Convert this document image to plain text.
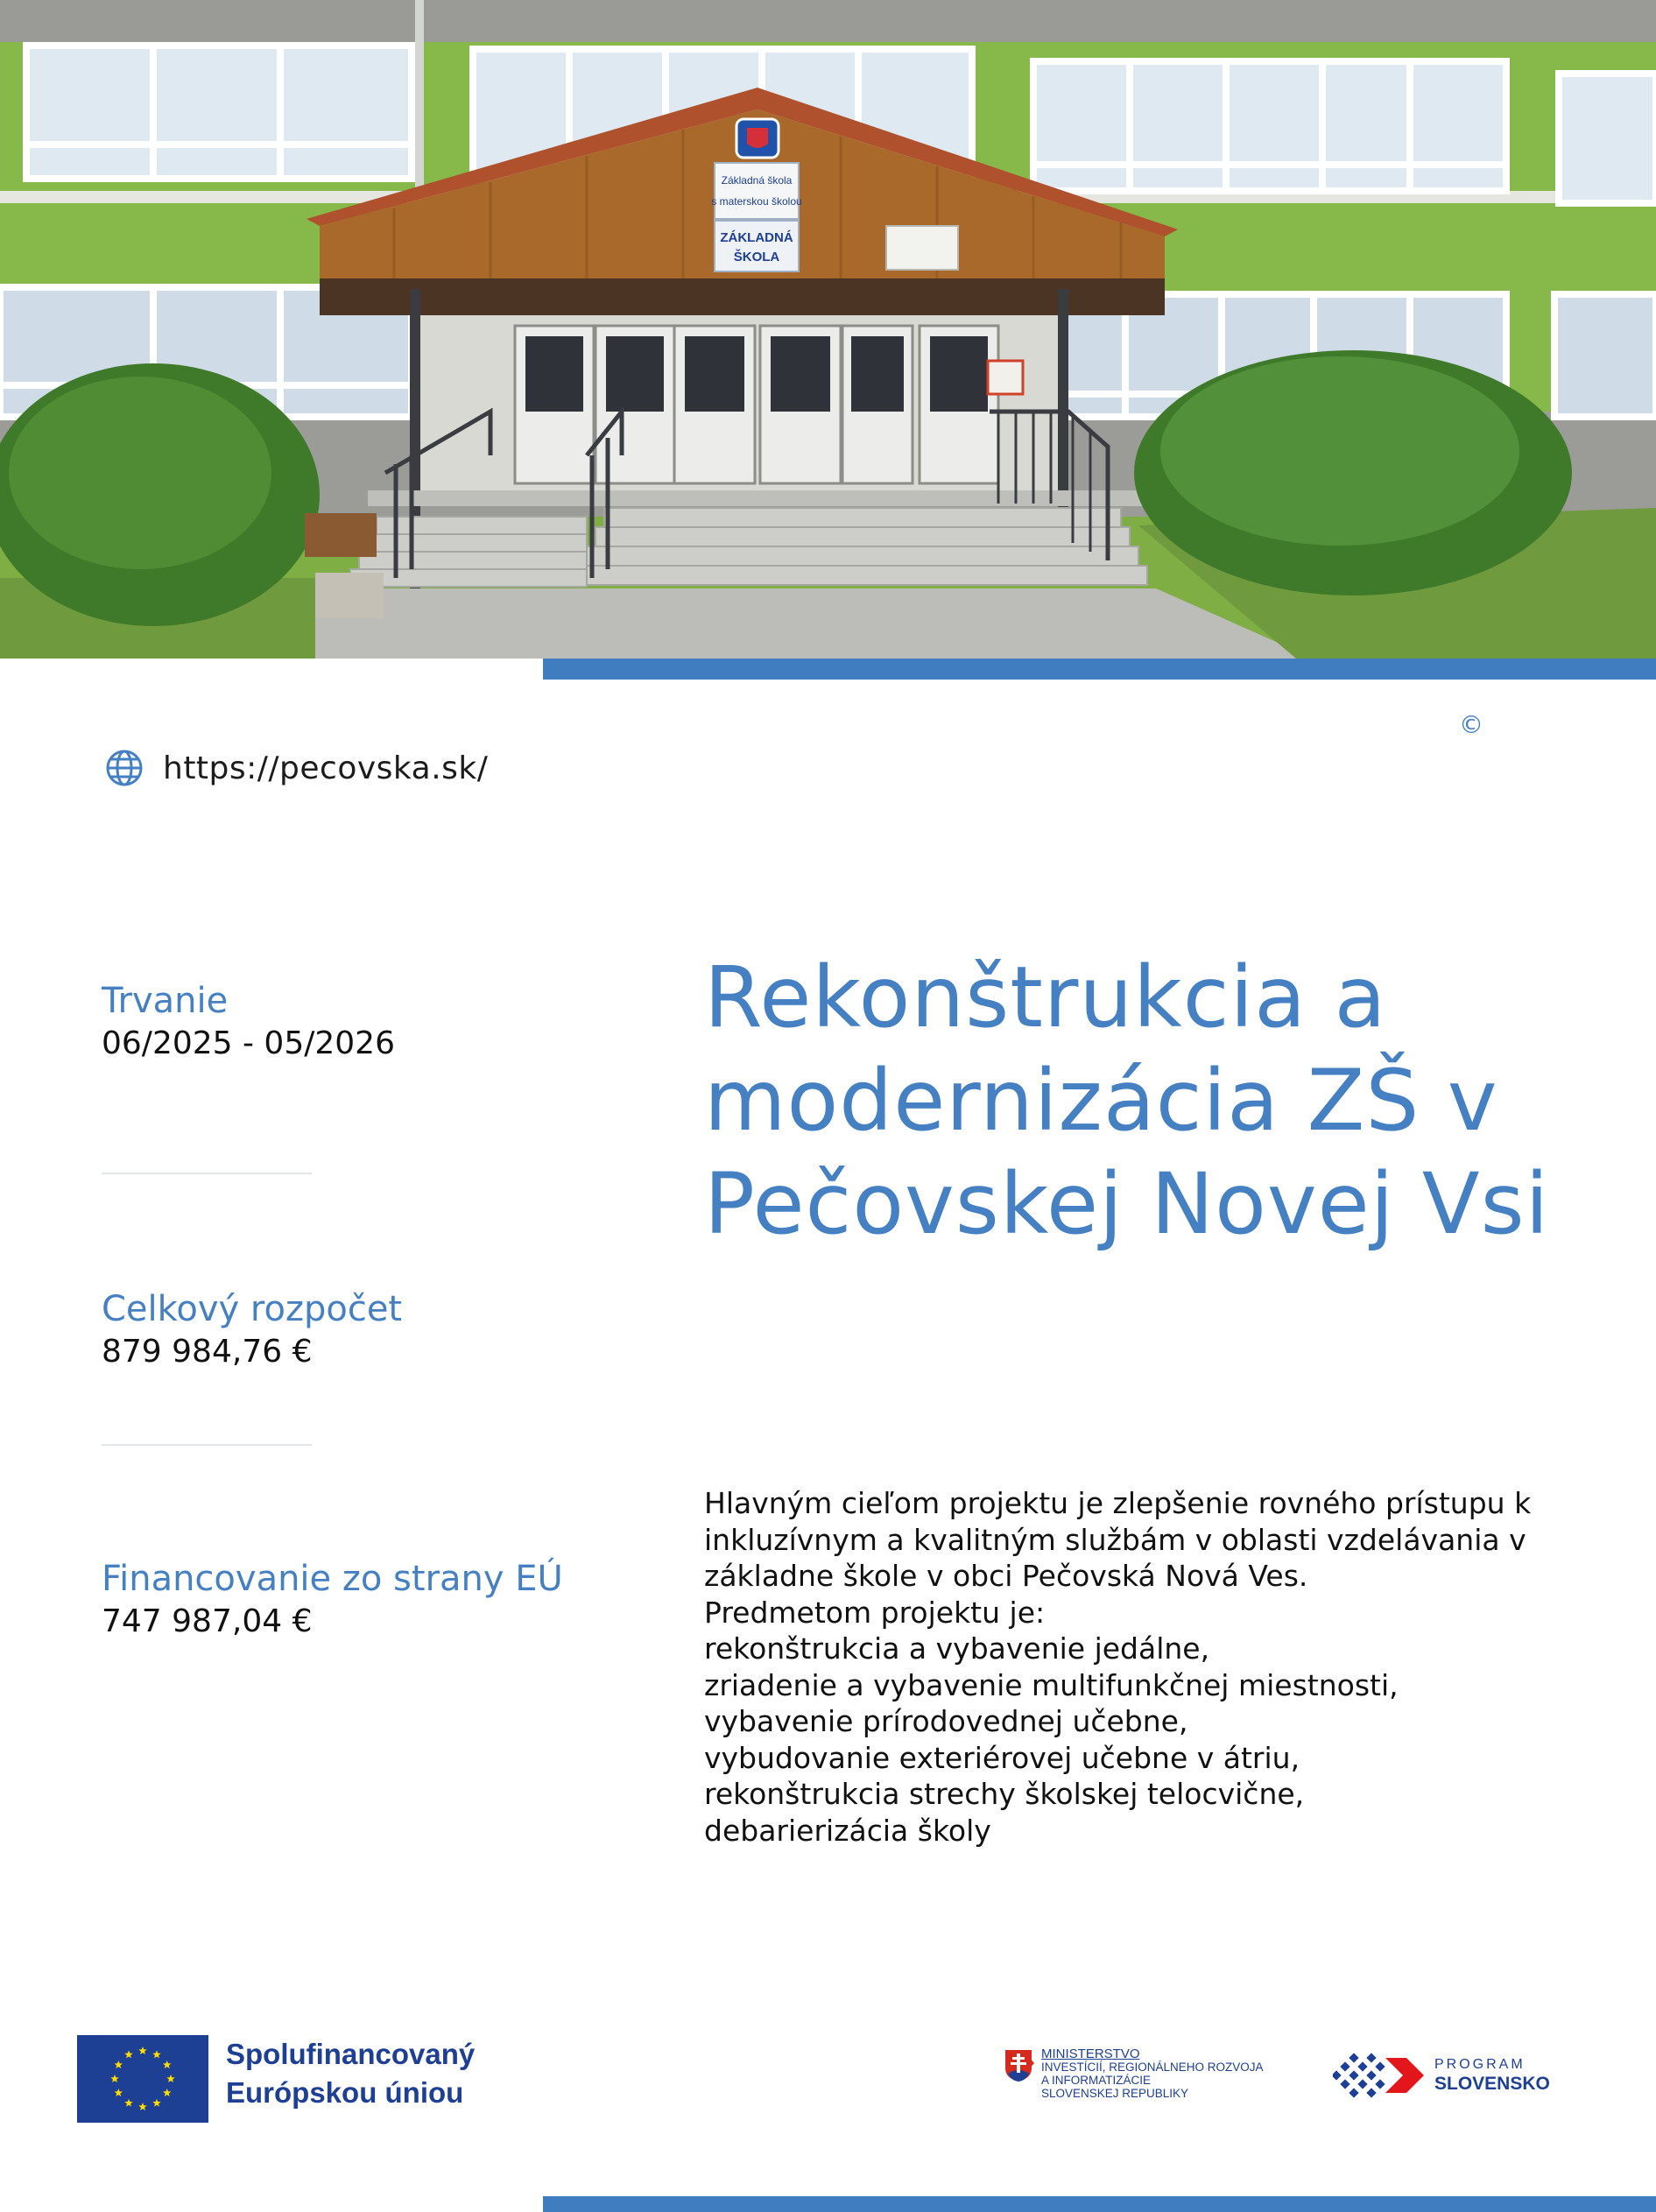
Základná škola
s materskou školou
ZÁKLADNÁ
ŠKOLA
©
https://pecovska.sk/
Trvanie
06/2025 - 05/2026
Celkový rozpočet
879 984,76 €
Financovanie zo strany EÚ
747 987,04 €
Rekonštrukcia a modernizácia ZŠ v Pečovskej Novej Vsi

Hlavným cieľom projektu je zlepšenie rovného prístupu k

inkluzívnym a kvalitným službám v oblasti vzdelávania v

základne škole v obci Pečovská Nová Ves.

Predmetom projektu je:

rekonštrukcia a vybavenie jedálne,

zriadenie a vybavenie multifunkčnej miestnosti,

vybavenie prírodovednej učebne,

vybudovanie exteriérovej učebne v átriu,

rekonštrukcia strechy školskej telocvične,

debarierizácia školy

Spolufinancovaný
Európskou úniou
MINISTERSTVO
INVESTÍCIÍ, REGIONÁLNEHO ROZVOJA
A INFORMATIZÁCIE
SLOVENSKEJ REPUBLIKY
PROGRAM
SLOVENSKO
